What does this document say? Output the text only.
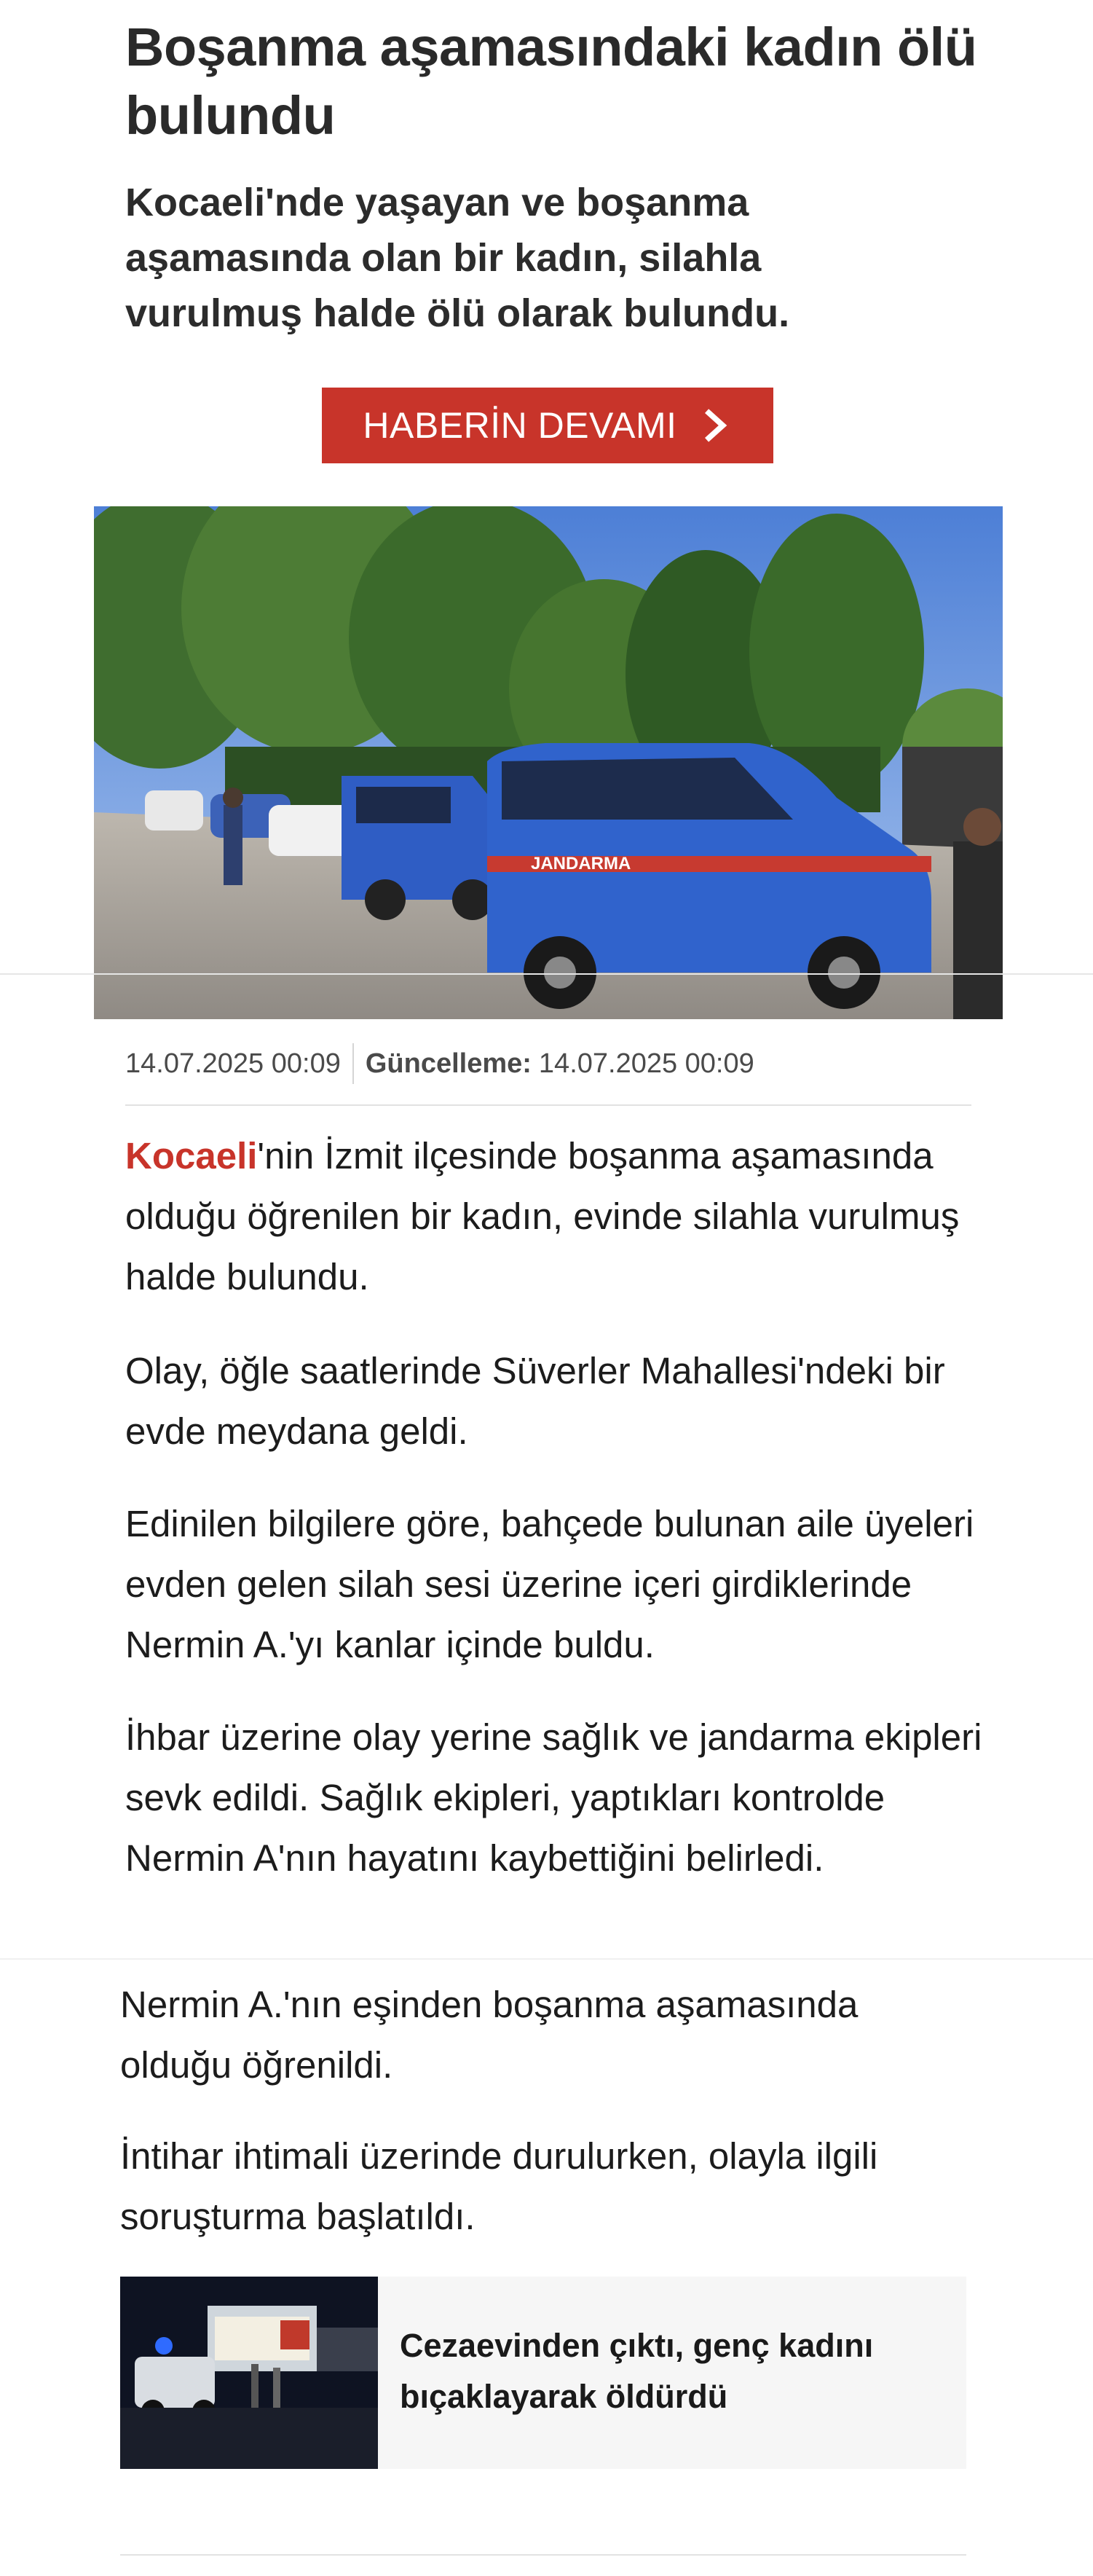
Boşanma aşamasındaki kadın ölü bulundu

Kocaeli'nde yaşayan ve boşanma aşamasında olan bir kadın, silahla vurulmuş halde ölü olarak bulundu.

HABERİN DEVAMI
JANDARMA
14.07.2025 00:09 Güncelleme: 14.07.2025 00:09

Kocaeli'nin İzmit ilçesinde boşanma aşamasında olduğu öğrenilen bir kadın, evinde silahla vurulmuş halde bulundu.

Olay, öğle saatlerinde Süverler Mahallesi'ndeki bir evde meydana geldi.

Edinilen bilgilere göre, bahçede bulunan aile üyeleri evden gelen silah sesi üzerine içeri girdiklerinde Nermin A.'yı kanlar içinde buldu.

İhbar üzerine olay yerine sağlık ve jandarma ekipleri sevk edildi. Sağlık ekipleri, yaptıkları kontrolde Nermin A'nın hayatını kaybettiğini belirledi.

Nermin A.'nın eşinden boşanma aşamasında olduğu öğrenildi.

İntihar ihtimali üzerinde durulurken, olayla ilgili soruşturma başlatıldı.

Cezaevinden çıktı, genç kadını bıçaklayarak öldürdü
